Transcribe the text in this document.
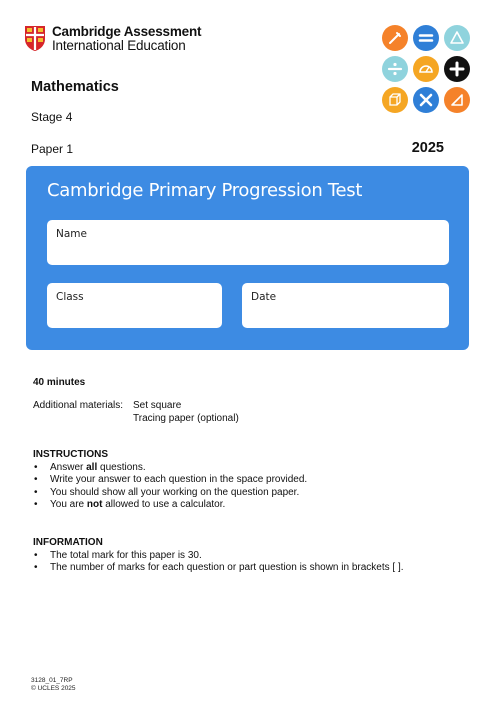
Cambridge Assessment
International Education
Mathematics
Stage 4
Paper 1	2025
Cambridge Primary Progression Test
Name
Class	Date
40 minutes
Additional materials: Set square
Tracing paper (optional)
INSTRUCTIONS
• Answer all questions.
• Write your answer to each question in the space provided.
• You should show all your working on the question paper.
• You are not allowed to use a calculator.
INFORMATION
• The total mark for this paper is 30.
• The number of marks for each question or part question is shown in brackets [ ].
3128_01_7RP
© UCLES 2025
